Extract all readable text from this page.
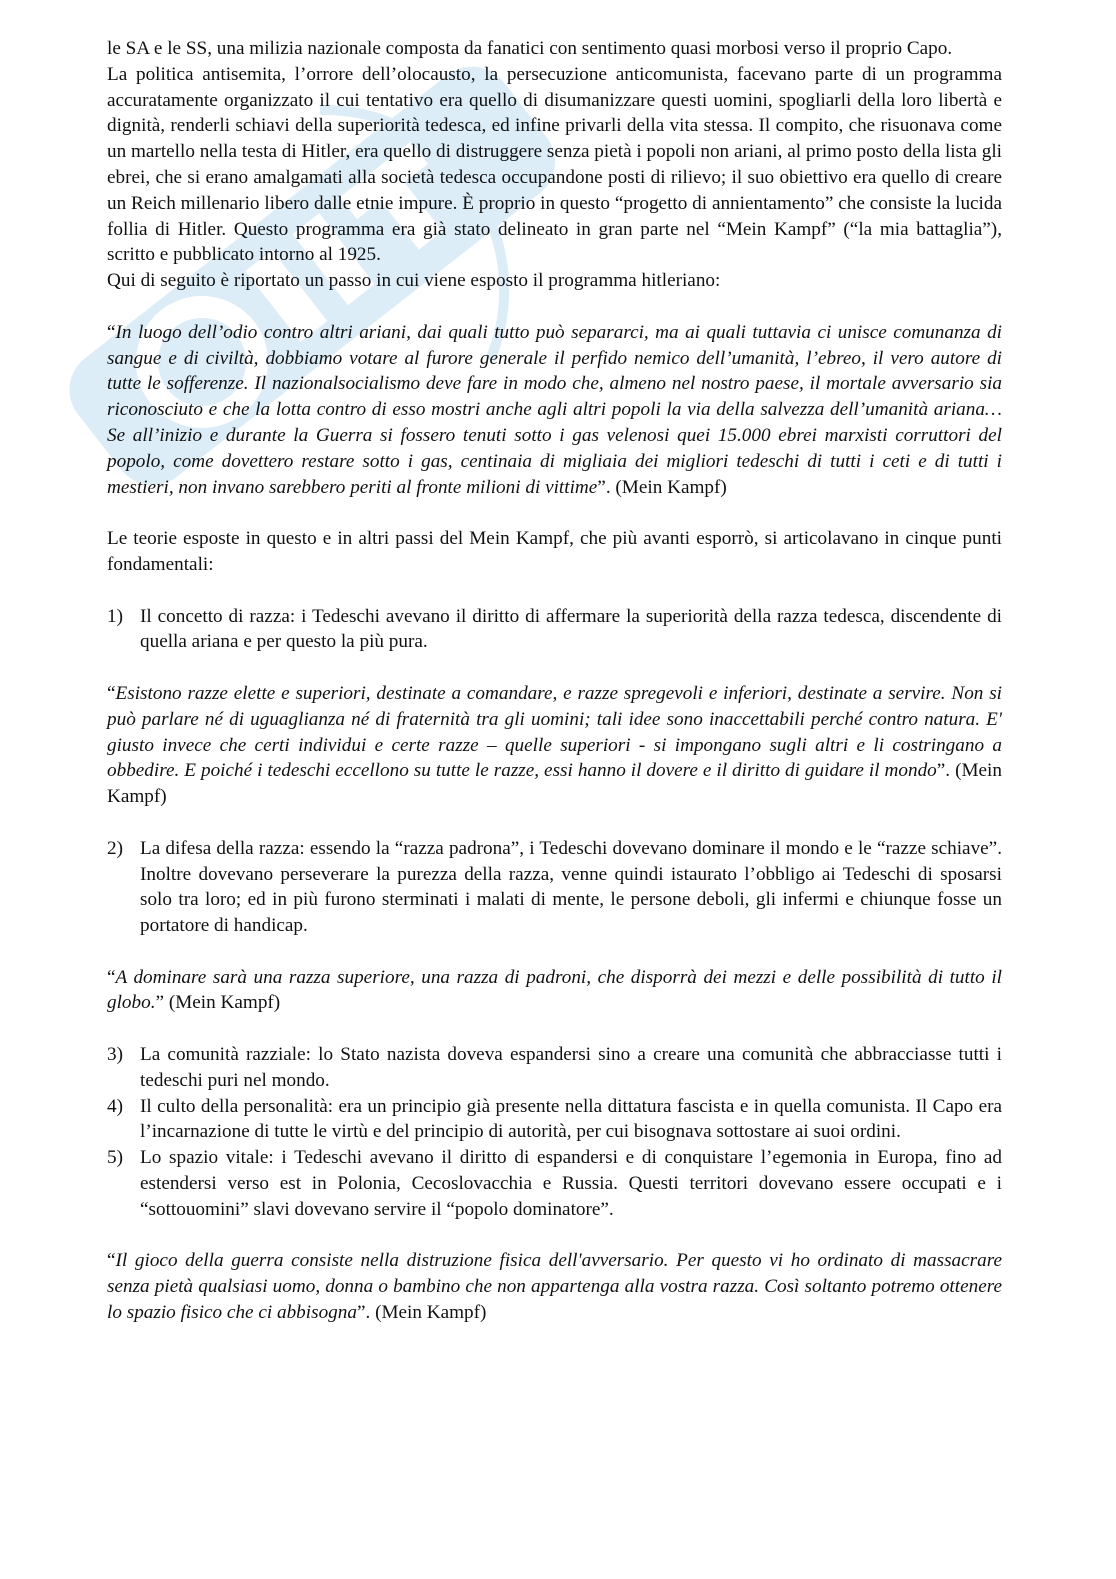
le SA e le SS, una milizia nazionale composta da fanatici con sentimento quasi morbosi verso il proprio Capo.

La politica antisemita, l’orrore dell’olocausto, la persecuzione anticomunista, facevano parte di un programma accuratamente organizzato il cui tentativo era quello di disumanizzare questi uomini, spogliarli della loro libertà e dignità, renderli schiavi della superiorità tedesca, ed infine privarli della vita stessa. Il compito, che risuonava come un martello nella testa di Hitler, era quello di distruggere senza pietà i popoli non ariani, al primo posto della lista gli ebrei, che si erano amalgamati alla società tedesca occupandone posti di rilievo; il suo obiettivo era quello di creare un Reich millenario libero dalle etnie impure. È proprio in questo “progetto di annientamento” che consiste la lucida follia di Hitler. Questo programma era già stato delineato in gran parte nel “Mein Kampf” (“la mia battaglia”), scritto e pubblicato intorno al 1925.

Qui di seguito è riportato un passo in cui viene esposto il programma hitleriano:

“In luogo dell’odio contro altri ariani, dai quali tutto può separarci, ma ai quali tuttavia ci unisce comunanza di sangue e di civiltà, dobbiamo votare al furore generale il perfido nemico dell’umanità, l’ebreo, il vero autore di tutte le sofferenze. Il nazionalsocialismo deve fare in modo che, almeno nel nostro paese, il mortale avversario sia riconosciuto e che la lotta contro di esso mostri anche agli altri popoli la via della salvezza dell’umanità ariana… Se all’inizio e durante la Guerra si fossero tenuti sotto i gas velenosi quei 15.000 ebrei marxisti corruttori del popolo, come dovettero restare sotto i gas, centinaia di migliaia dei migliori tedeschi di tutti i ceti e di tutti i mestieri, non invano sarebbero periti al fronte milioni di vittime”. (Mein Kampf)

Le teorie esposte in questo e in altri passi del Mein Kampf, che più avanti esporrò, si articolavano in cinque punti fondamentali:

1) Il concetto di razza: i Tedeschi avevano il diritto di affermare la superiorità della razza tedesca, discendente di quella ariana e per questo la più pura.

“Esistono razze elette e superiori, destinate a comandare, e razze spregevoli e inferiori, destinate a servire. Non si può parlare né di uguaglianza né di fraternità tra gli uomini; tali idee sono inaccettabili perché contro natura. E' giusto invece che certi individui e certe razze – quelle superiori - si impongano sugli altri e li costringano a obbedire. E poiché i tedeschi eccellono su tutte le razze, essi hanno il dovere e il diritto di guidare il mondo”. (Mein Kampf)

2) La difesa della razza: essendo la “razza padrona”, i Tedeschi dovevano dominare il mondo e le “razze schiave”. Inoltre dovevano perseverare la purezza della razza, venne quindi istaurato l’obbligo ai Tedeschi di sposarsi solo tra loro; ed in più furono sterminati i malati di mente, le persone deboli, gli infermi e chiunque fosse un portatore di handicap.

“A dominare sarà una razza superiore, una razza di padroni, che disporrà dei mezzi e delle possibilità di tutto il globo.” (Mein Kampf)

3) La comunità razziale: lo Stato nazista doveva espandersi sino a creare una comunità che abbracciasse tutti i tedeschi puri nel mondo.
4) Il culto della personalità: era un principio già presente nella dittatura fascista e in quella comunista. Il Capo era l’incarnazione di tutte le virtù e del principio di autorità, per cui bisognava sottostare ai suoi ordini.
5) Lo spazio vitale: i Tedeschi avevano il diritto di espandersi e di conquistare l’egemonia in Europa, fino ad estendersi verso est in Polonia, Cecoslovacchia e Russia. Questi territori dovevano essere occupati e i “sottouomini” slavi dovevano servire il “popolo dominatore”.

“Il gioco della guerra consiste nella distruzione fisica dell'avversario. Per questo vi ho ordinato di massacrare senza pietà qualsiasi uomo, donna o bambino che non appartenga alla vostra razza. Così soltanto potremo ottenere lo spazio fisico che ci abbisogna”. (Mein Kampf)
